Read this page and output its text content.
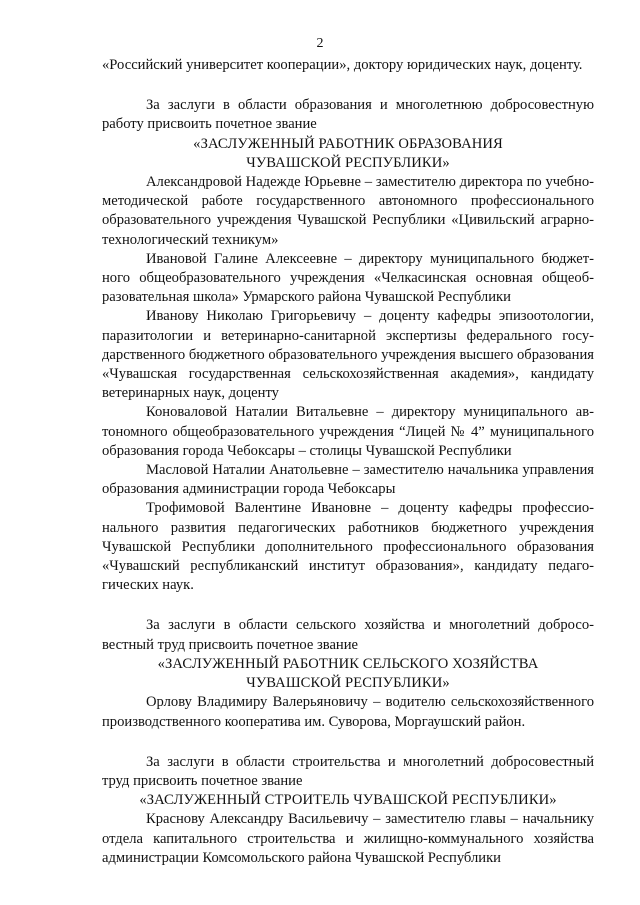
2
«Российский университет кооперации», доктору юридических наук, доценту.
За заслуги в области образования и многолетнюю добросовестную работу присвоить почетное звание
«ЗАСЛУЖЕННЫЙ РАБОТНИК ОБРАЗОВАНИЯ
ЧУВАШСКОЙ РЕСПУБЛИКИ»
Александровой Надежде Юрьевне – заместителю директора по учебно-методической работе государственного автономного профессионального образовательного учреждения Чувашской Республики «Цивильский аграрно-технологический техникум»
Ивановой Галине Алексеевне – директору муниципального бюджетного общеобразовательного учреждения «Челкасинская основная общеобразовательная школа» Урмарского района Чувашской Республики
Иванову Николаю Григорьевичу – доценту кафедры эпизоотологии, паразитологии и ветеринарно-санитарной экспертизы федерального государственного бюджетного образовательного учреждения высшего образования «Чувашская государственная сельскохозяйственная академия», кандидату ветеринарных наук, доценту
Коноваловой Наталии Витальевне – директору муниципального автономного общеобразовательного учреждения “Лицей № 4” муниципального образования города Чебоксары – столицы Чувашской Республики
Масловой Наталии Анатольевне – заместителю начальника управления образования администрации города Чебоксары
Трофимовой Валентине Ивановне – доценту кафедры профессионального развития педагогических работников бюджетного учреждения Чувашской Республики дополнительного профессионального образования «Чувашский республиканский институт образования», кандидату педагогических наук.
За заслуги в области сельского хозяйства и многолетний добросовестный труд присвоить почетное звание
«ЗАСЛУЖЕННЫЙ РАБОТНИК СЕЛЬСКОГО ХОЗЯЙСТВА
ЧУВАШСКОЙ РЕСПУБЛИКИ»
Орлову Владимиру Валерьяновичу – водителю сельскохозяйственного производственного кооператива им. Суворова, Моргаушский район.
За заслуги в области строительства и многолетний добросовестный труд присвоить почетное звание
«ЗАСЛУЖЕННЫЙ СТРОИТЕЛЬ ЧУВАШСКОЙ РЕСПУБЛИКИ»
Краснову Александру Васильевичу – заместителю главы – начальнику отдела капитального строительства и жилищно-коммунального хозяйства администрации Комсомольского района Чувашской Республики
